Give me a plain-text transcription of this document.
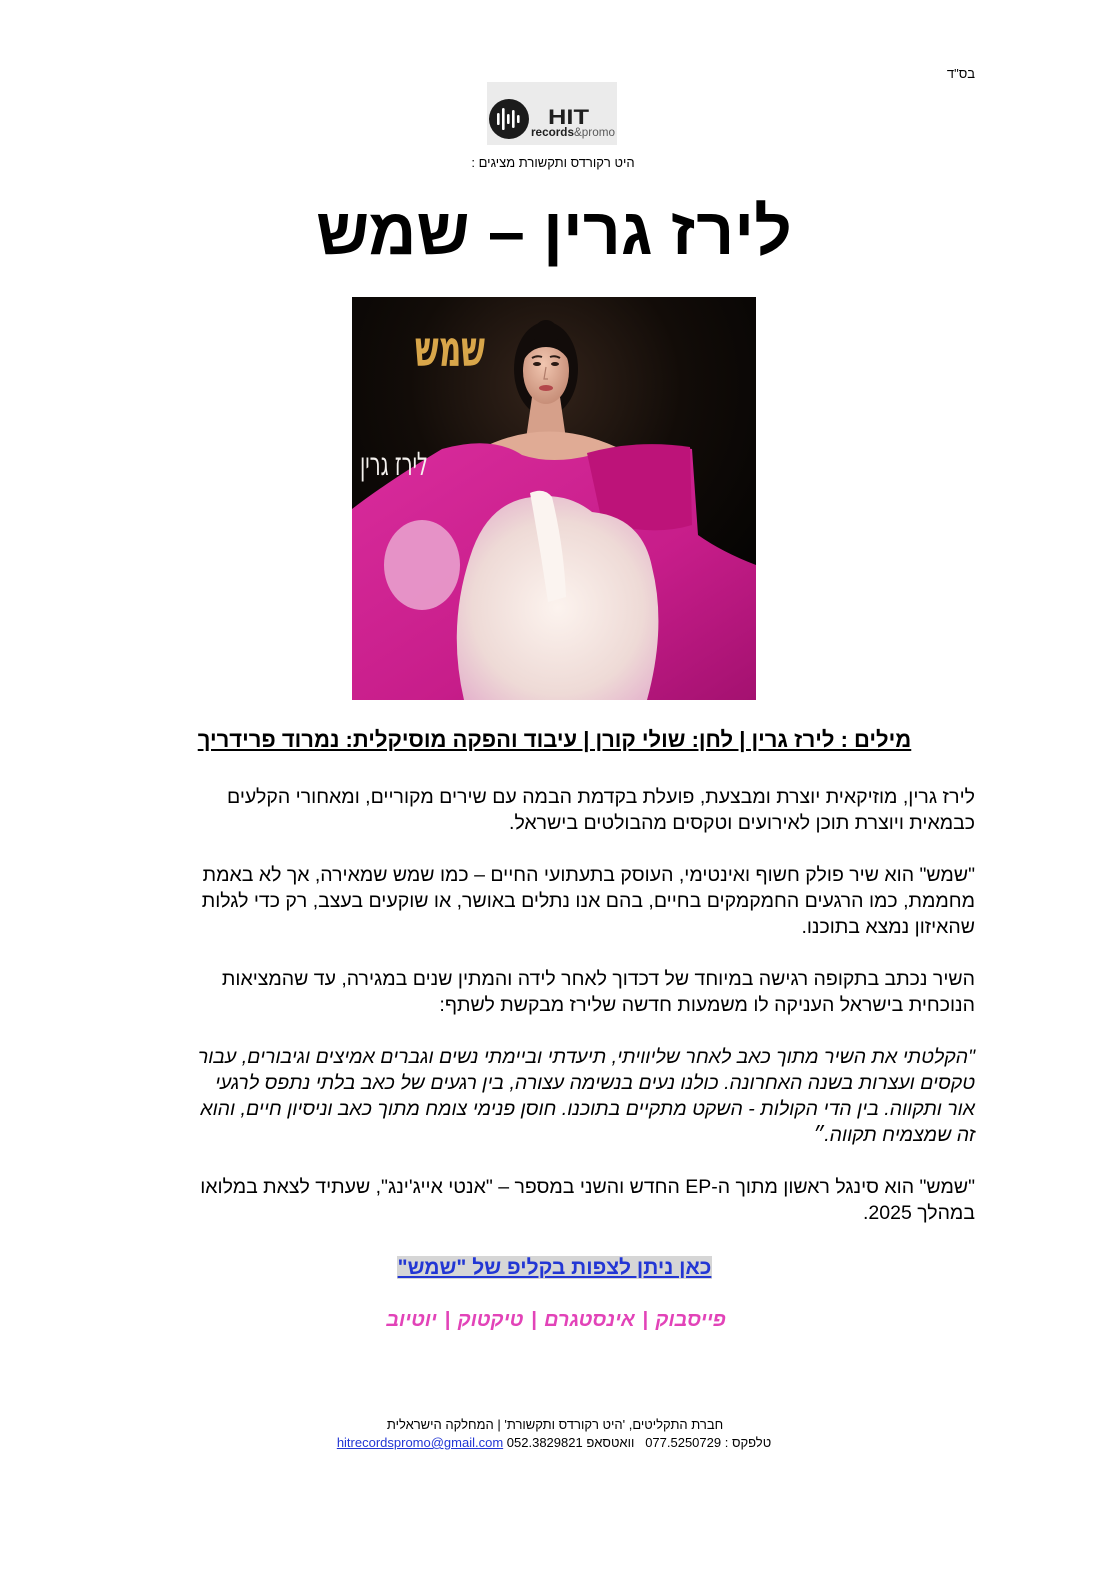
בס"ד
HIT
records&promo
היט רקורדס ותקשורת מציגים :
לירז גרין – שמש
שמש
לירז גרין
מילים : לירז גרין | לחן: שולי קורן | עיבוד והפקה מוסיקלית: נמרוד פרידריך
לירז גרין, מוזיקאית יוצרת ומבצעת, פועלת בקדמת הבמה עם שירים מקוריים, ומאחורי הקלעים
כבמאית ויוצרת תוכן לאירועים וטקסים מהבולטים בישראל.
"שמש" הוא שיר פולק חשוף ואינטימי, העוסק בתעתועי החיים – כמו שמש שמאירה, אך לא באמת
מחממת, כמו הרגעים החמקמקים בחיים, בהם אנו נתלים באושר, או שוקעים בעצב, רק כדי לגלות
שהאיזון נמצא בתוכנו.
השיר נכתב בתקופה רגישה במיוחד של דכדוך לאחר לידה והמתין שנים במגירה, עד שהמציאות
הנוכחית בישראל העניקה לו משמעות חדשה שלירז מבקשת לשתף:
"הקלטתי את השיר מתוך כאב לאחר שליוויתי, תיעדתי וביימתי נשים וגברים אמיצים וגיבורים, עבור
טקסים ועצרות בשנה האחרונה. כולנו נעים בנשימה עצורה, בין רגעים של כאב בלתי נתפס לרגעי
אור ותקווה. בין הדי הקולות - השקט מתקיים בתוכנו. חוסן פנימי צומח מתוך כאב וניסיון חיים, והוא
זה שמצמיח תקווה.״
"שמש" הוא סינגל ראשון מתוך ה-EP החדש והשני במספר – "אנטי אייג'ינג", שעתיד לצאת במלואו
במהלך 2025.
כאן ניתן לצפות בקליפ של "שמש"
פייסבוק | אינסטגרם | טיקטוק | יוטיוב
חברת התקליטים, 'היט רקורדס ותקשורת' | המחלקה הישראלית
טלפקס : 077.5250729   וואטסאפ 052.3829821 hitrecordspromo@gmail.com
